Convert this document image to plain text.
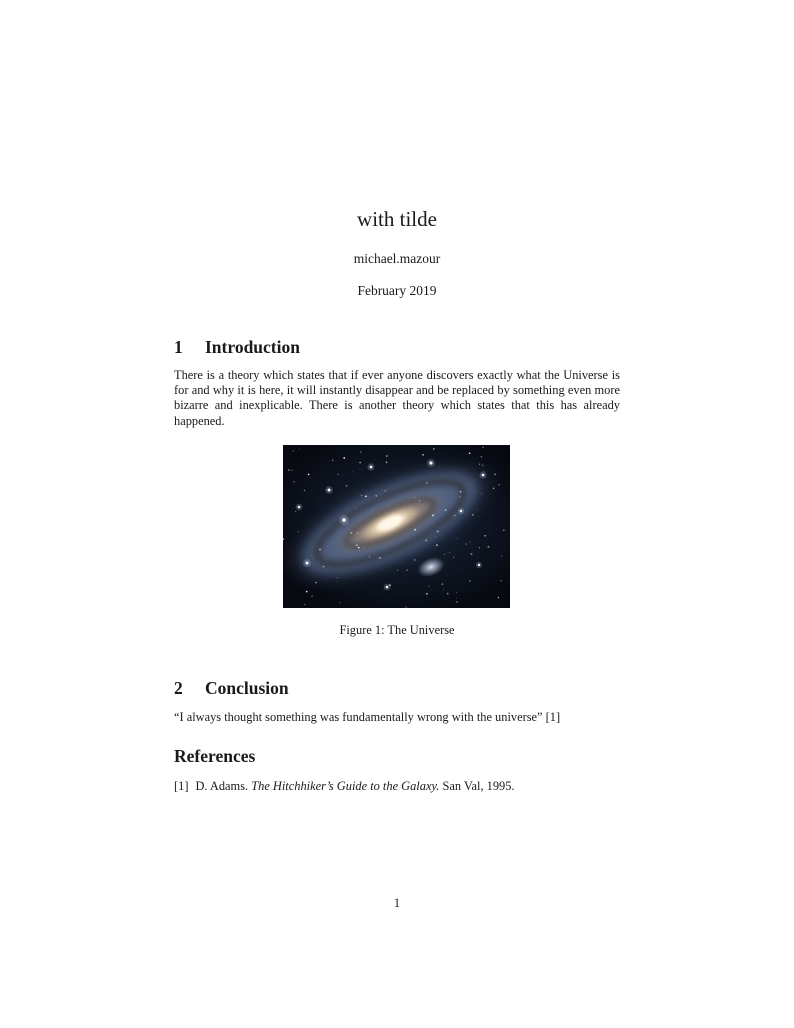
with tilde
michael.mazour
February 2019
1 Introduction
There is a theory which states that if ever anyone discovers exactly what the Universe is for and why it is here, it will instantly disappear and be replaced by something even more bizarre and inexplicable. There is another theory which states that this has already happened.
Figure 1: The Universe
2 Conclusion
“I always thought something was fundamentally wrong with the universe” [1]
References
[1] D. Adams. The Hitchhiker’s Guide to the Galaxy. San Val, 1995.
1
